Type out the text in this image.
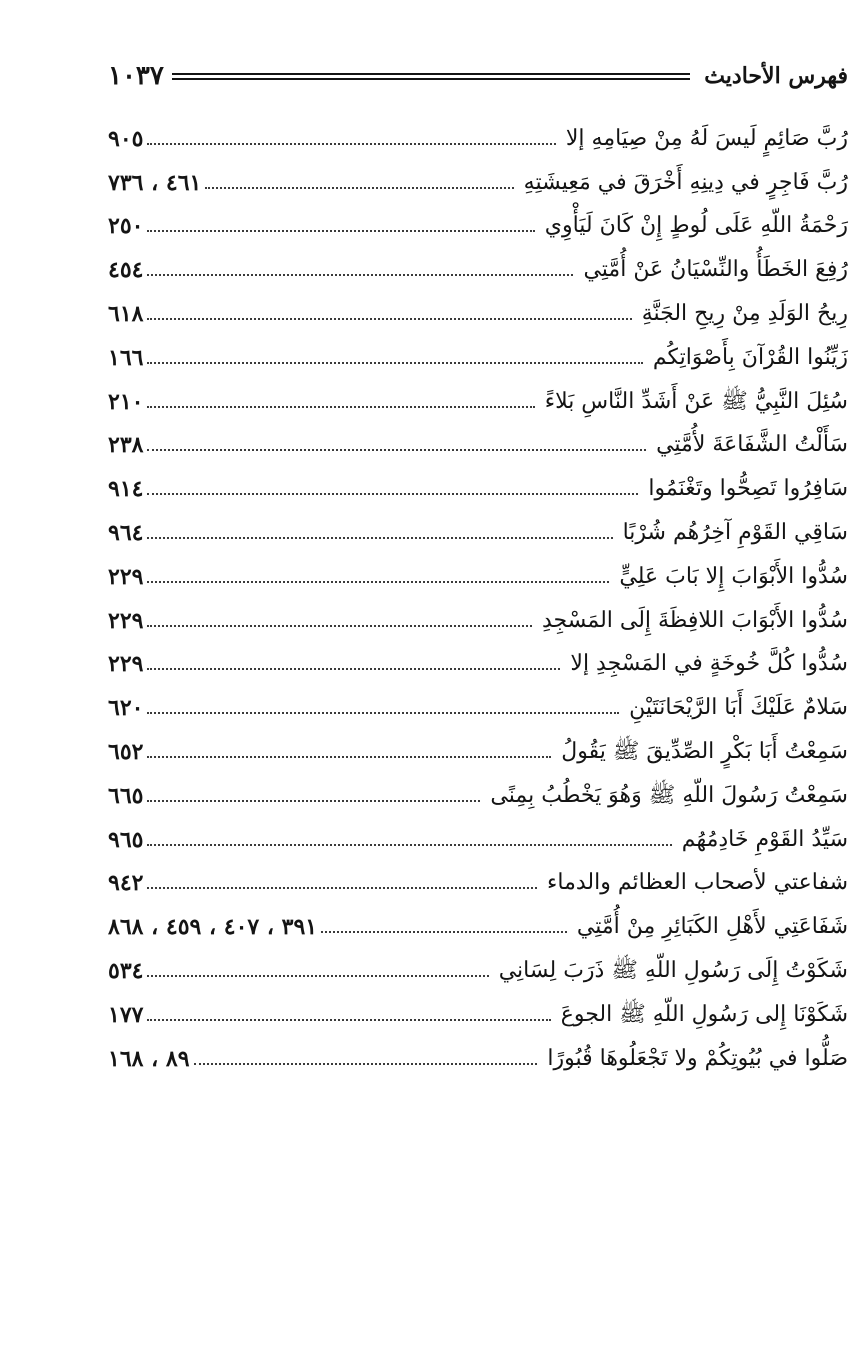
فهرس الأحاديث
١٠٣٧
رُبَّ صَائِمٍ لَيسَ لَهُ مِنْ صِيَامِهِ إلا
٩٠٥
رُبَّ فَاجِرٍ في دِينِهِ أَخْرَقَ في مَعِيشَتِهِ
٤٦١ ، ٧٣٦
رَحْمَةُ اللّهِ عَلَى لُوطٍ إِنْ كَانَ لَيَأْوِي
٢٥٠
رُفِعَ الخَطَأُ والنِّسْيَانُ عَنْ أُمَّتِي
٤٥٤
رِيحُ الوَلَدِ مِنْ رِيحِ الجَنَّةِ
٦١٨
زَيِّنُوا القُرْآنَ بِأَصْوَاتِكُم
١٦٦
سُئِلَ النَّبِيُّ ﷺ عَنْ أَشَدِّ النَّاسِ بَلاءً
٢١٠
سَأَلْتُ الشَّفَاعَةَ لأُمَّتِي
٢٣٨
سَافِرُوا تَصِحُّوا وتَغْنَمُوا
٩١٤
سَاقِي القَوْمِ آخِرُهُم شُرْبًا
٩٦٤
سُدُّوا الأَبْوَابَ إِلا بَابَ عَلِيٍّ
٢٢٩
سُدُّوا الأَبْوَابَ اللافِظَةَ إِلَى المَسْجِدِ
٢٢٩
سُدُّوا كُلَّ خُوخَةٍ في المَسْجِدِ إلا
٢٢٩
سَلامٌ عَلَيْكَ أَبَا الرَّيْحَانَتَيْنِ
٦٢٠
سَمِعْتُ أَبَا بَكْرٍ الصِّدِّيقَ ﷺ يَقُولُ
٦٥٢
سَمِعْتُ رَسُولَ اللّهِ ﷺ وَهُوَ يَخْطُبُ بِمِنًى
٦٦٥
سَيِّدُ القَوْمِ خَادِمُهُم
٩٦٥
شفاعتي لأصحاب العظائم والدماء
٩٤٢
شَفَاعَتِي لأَهْلِ الكَبَائِرِ مِنْ أُمَّتِي
٣٩١ ، ٤٠٧ ، ٤٥٩ ، ٨٦٨
شَكَوْتُ إِلَى رَسُولِ اللّهِ ﷺ ذَرَبَ لِسَانِي
٥٣٤
شَكَوْنَا إِلى رَسُولِ اللّهِ ﷺ الجوعَ
١٧٧
صَلُّوا في بُيُوتِكُمْ ولا تَجْعَلُوهَا قُبُورًا
٨٩ ، ١٦٨
